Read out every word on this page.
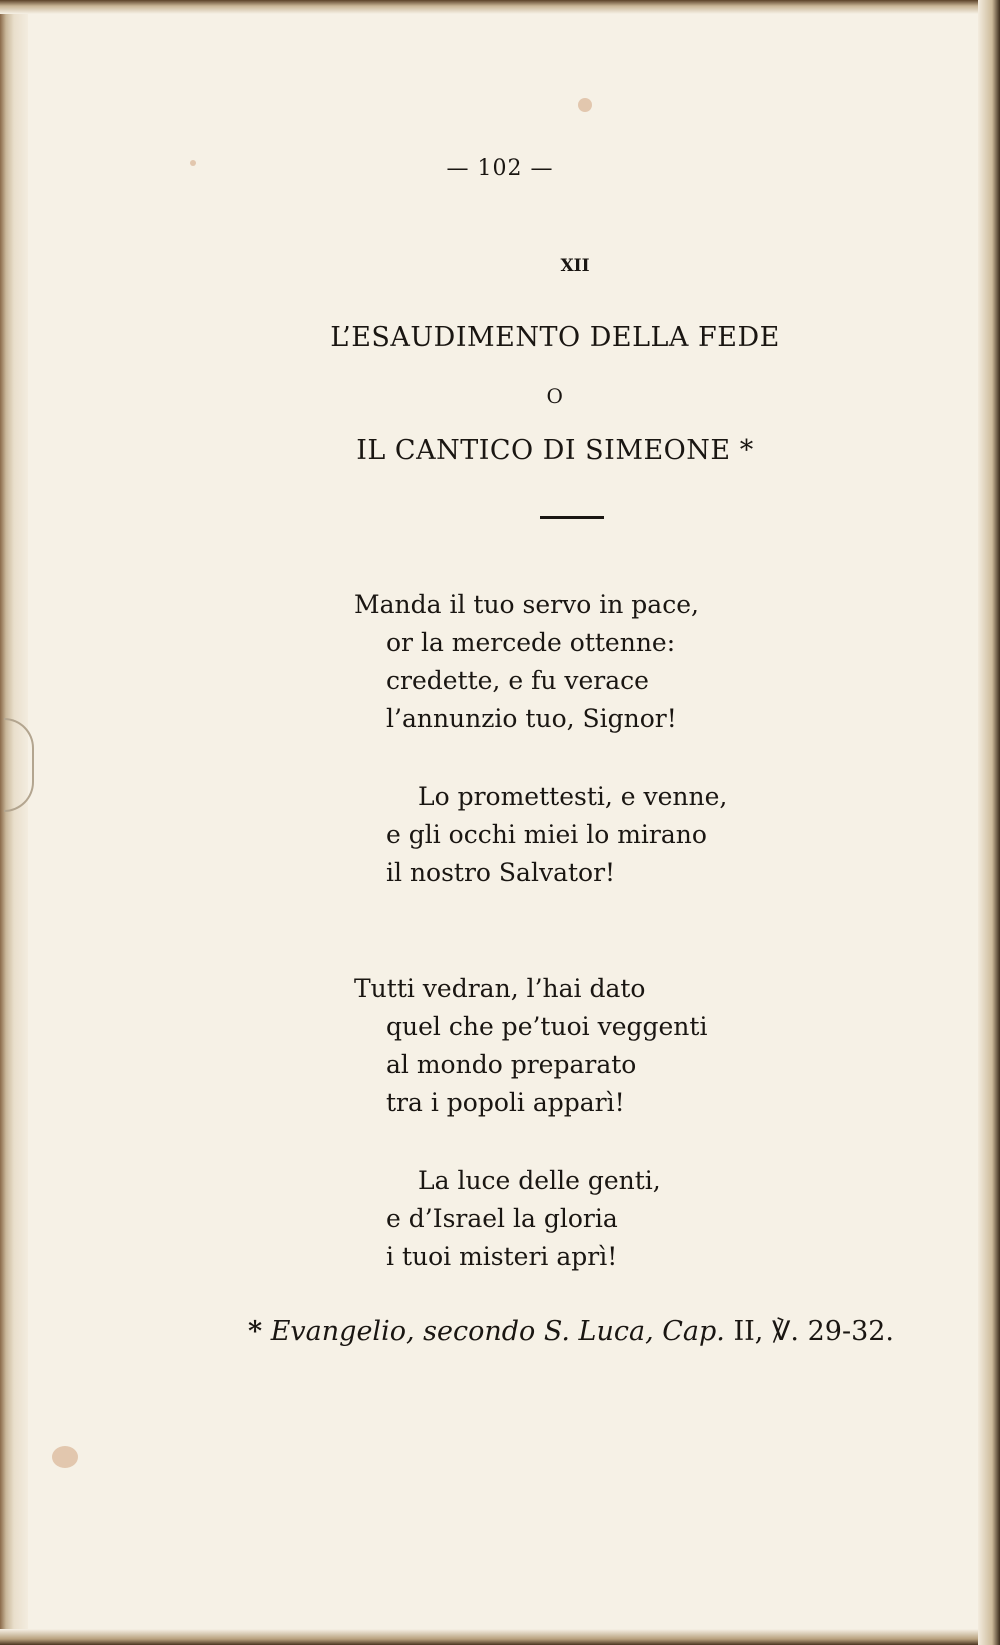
— 102 —
XII
L’ESAUDIMENTO DELLA FEDE
O
IL CANTICO DI SIMEONE *
Manda il tuo servo in pace,
or la mercede ottenne:
credette, e fu verace
l’annunzio tuo, Signor!
Lo promettesti, e venne,
e gli occhi miei lo mirano
il nostro Salvator!
Tutti vedran, l’hai dato
quel che pe’tuoi veggenti
al mondo preparato
tra i popoli apparì!
La luce delle genti,
e d’Israel la gloria
i tuoi misteri aprì!
* Evangelio, secondo S. Luca, Cap. II, ℣. 29-32.
